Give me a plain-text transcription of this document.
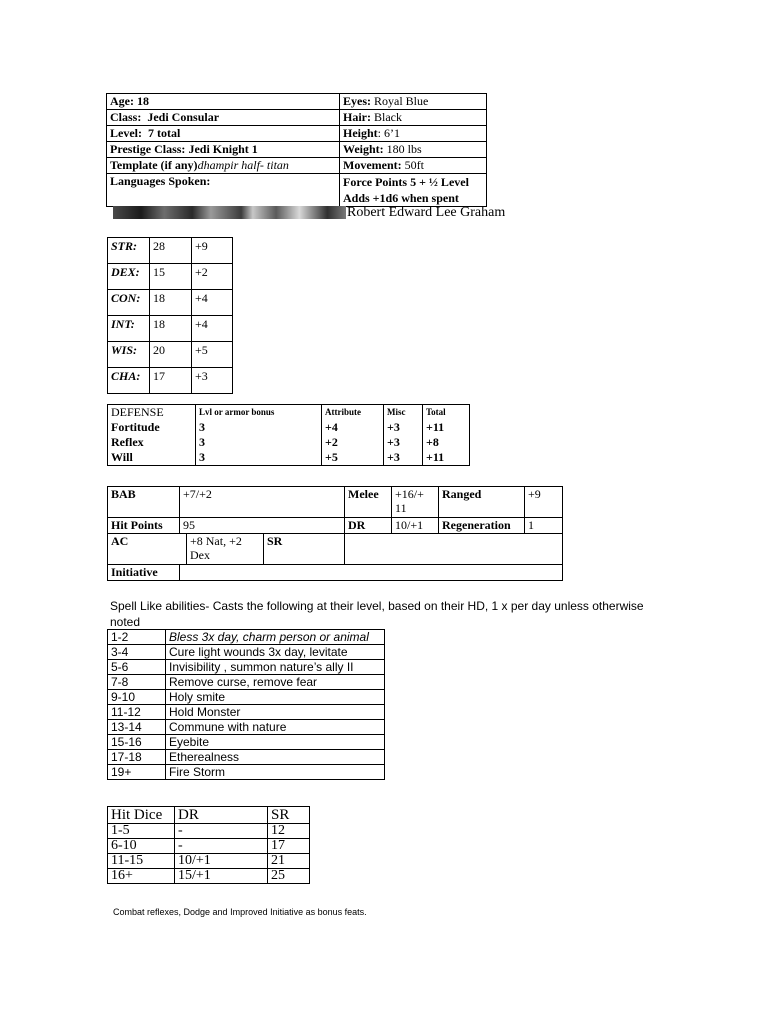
Age: 18	Eyes: Royal Blue
Class: Jedi Consular	Hair: Black
Level: 7 total	Height: 6’1
Prestige Class: Jedi Knight 1	Weight: 180 lbs
Template (if any)dhampir half- titan	Movement: 50ft
Languages Spoken:	Force Points 5 + ½ Level Adds +1d6 when spent
Robert Edward Lee Graham
STR:	28	+9
DEX:	15	+2
CON:	18	+4
INT:	18	+4
WIS:	20	+5
CHA:	17	+3
DEFENSE	Lvl or armor bonus	Attribute	Misc	Total
Fortitude	3	+4	+3	+11
Reflex	3	+2	+3	+8
Will	3	+5	+3	+11
BAB	+7/+2			Melee	+16/+ 11	Ranged	+9
Hit Points	95			DR	10/+1	Regeneration	1
AC		+8 Nat, +2 Dex	SR				
Initiative							
Spell Like abilities- Casts the following at their level, based on their HD, 1 x per day unless otherwise noted
1-2	Bless 3x day, charm person or animal
3-4	Cure light wounds 3x day, levitate
5-6	Invisibility , summon nature’s ally II
7-8	Remove curse, remove fear
9-10	Holy smite
11-12	Hold Monster
13-14	Commune with nature
15-16	Eyebite
17-18	Etherealness
19+	Fire Storm
Hit Dice	DR	SR
1-5	-	12
6-10	-	17
11-15	10/+1	21
16+	15/+1	25
Combat reflexes, Dodge and Improved Initiative as bonus feats.
